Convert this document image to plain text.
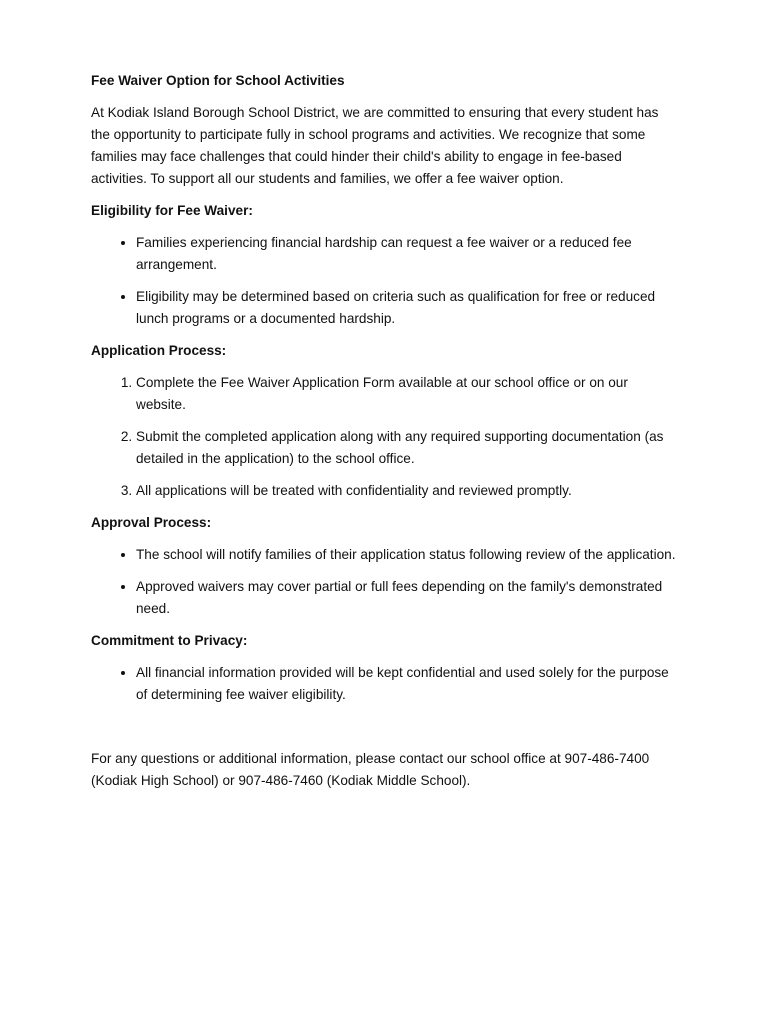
Fee Waiver Option for School Activities

At Kodiak Island Borough School District, we are committed to ensuring that every student has the opportunity to participate fully in school programs and activities. We recognize that some families may face challenges that could hinder their child's ability to engage in fee-based activities. To support all our students and families, we offer a fee waiver option.

Eligibility for Fee Waiver:

• Families experiencing financial hardship can request a fee waiver or a reduced fee arrangement.
• Eligibility may be determined based on criteria such as qualification for free or reduced lunch programs or a documented hardship.

Application Process:

1. Complete the Fee Waiver Application Form available at our school office or on our website.
2. Submit the completed application along with any required supporting documentation (as detailed in the application) to the school office.
3. All applications will be treated with confidentiality and reviewed promptly.

Approval Process:

• The school will notify families of their application status following review of the application.
• Approved waivers may cover partial or full fees depending on the family's demonstrated need.

Commitment to Privacy:

• All financial information provided will be kept confidential and used solely for the purpose of determining fee waiver eligibility.

For any questions or additional information, please contact our school office at 907-486-7400 (Kodiak High School) or 907-486-7460 (Kodiak Middle School).
